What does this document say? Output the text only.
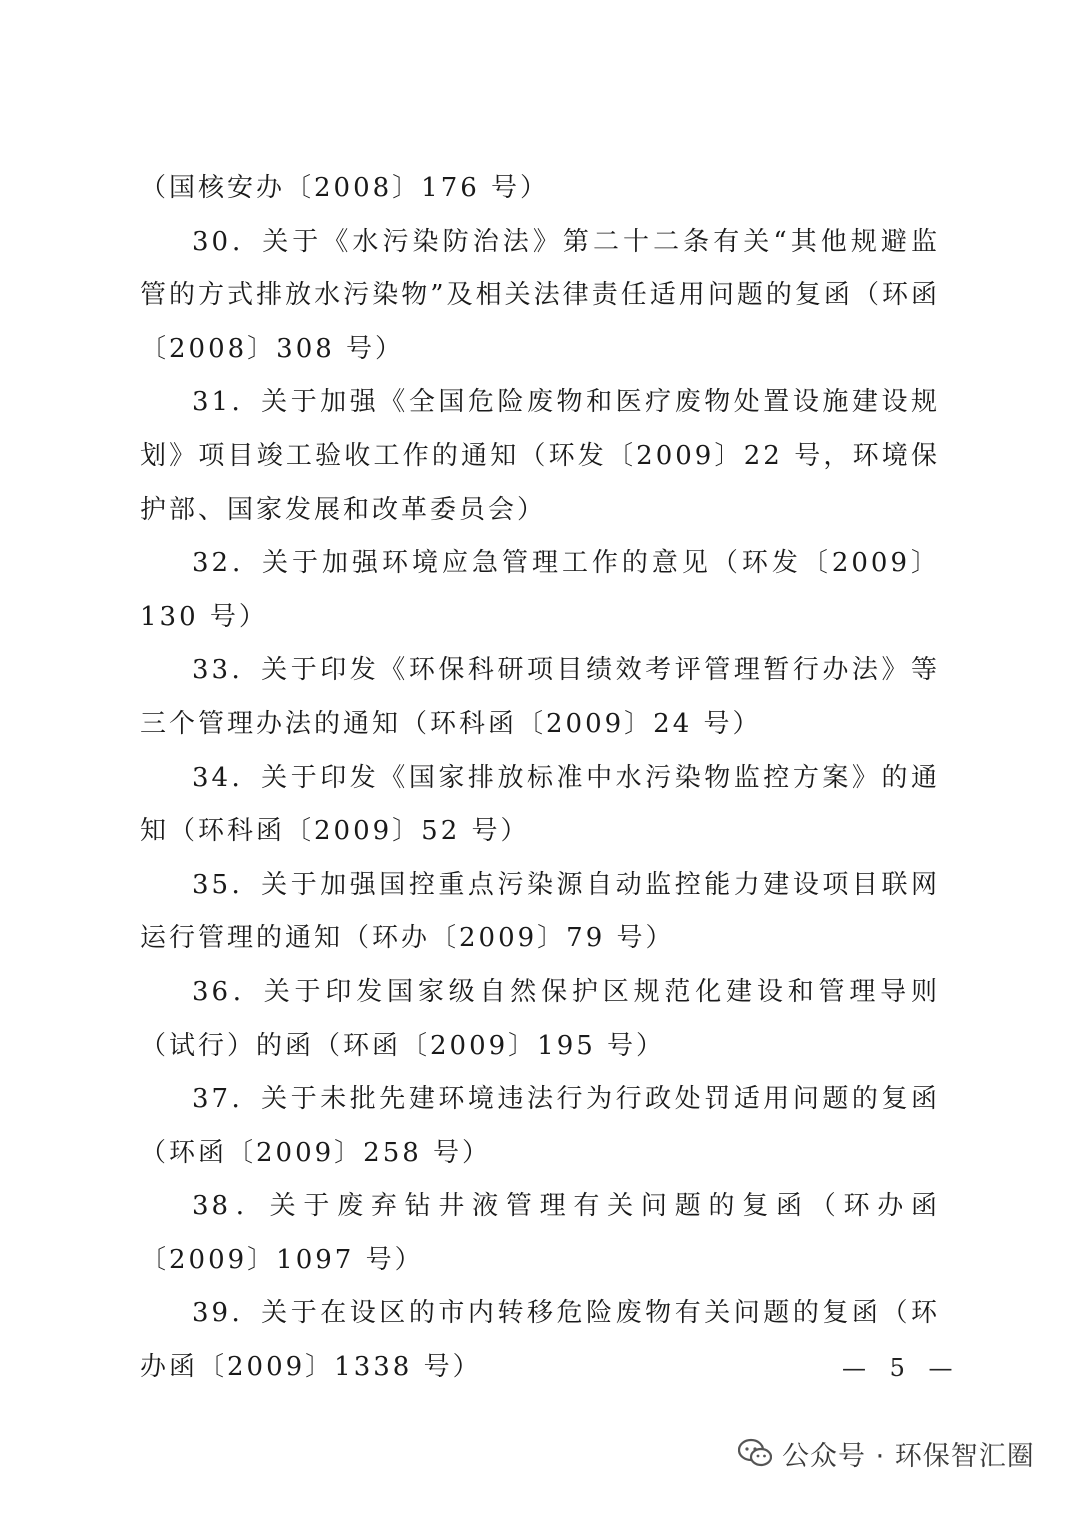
（国核安办〔2008〕176 号）

30．关于《水污染防治法》第二十二条有关“其他规避监管的方式排放水污染物”及相关法律责任适用问题的复函（环函〔2008〕308 号）

31．关于加强《全国危险废物和医疗废物处置设施建设规划》项目竣工验收工作的通知（环发〔2009〕22 号，环境保护部、国家发展和改革委员会）

32．关于加强环境应急管理工作的意见（环发〔2009〕130 号）

33．关于印发《环保科研项目绩效考评管理暂行办法》等三个管理办法的通知（环科函〔2009〕24 号）

34．关于印发《国家排放标准中水污染物监控方案》的通知（环科函〔2009〕52 号）

35．关于加强国控重点污染源自动监控能力建设项目联网运行管理的通知（环办〔2009〕79 号）

36．关于印发国家级自然保护区规范化建设和管理导则（试行）的函（环函〔2009〕195 号）

37．关于未批先建环境违法行为行政处罚适用问题的复函（环函〔2009〕258 号）

38．关于废弃钻井液管理有关问题的复函（环办函〔2009〕1097 号）

39．关于在设区的市内转移危险废物有关问题的复函（环办函〔2009〕1338 号）	— 5 —
公众号 · 环保智汇圈
